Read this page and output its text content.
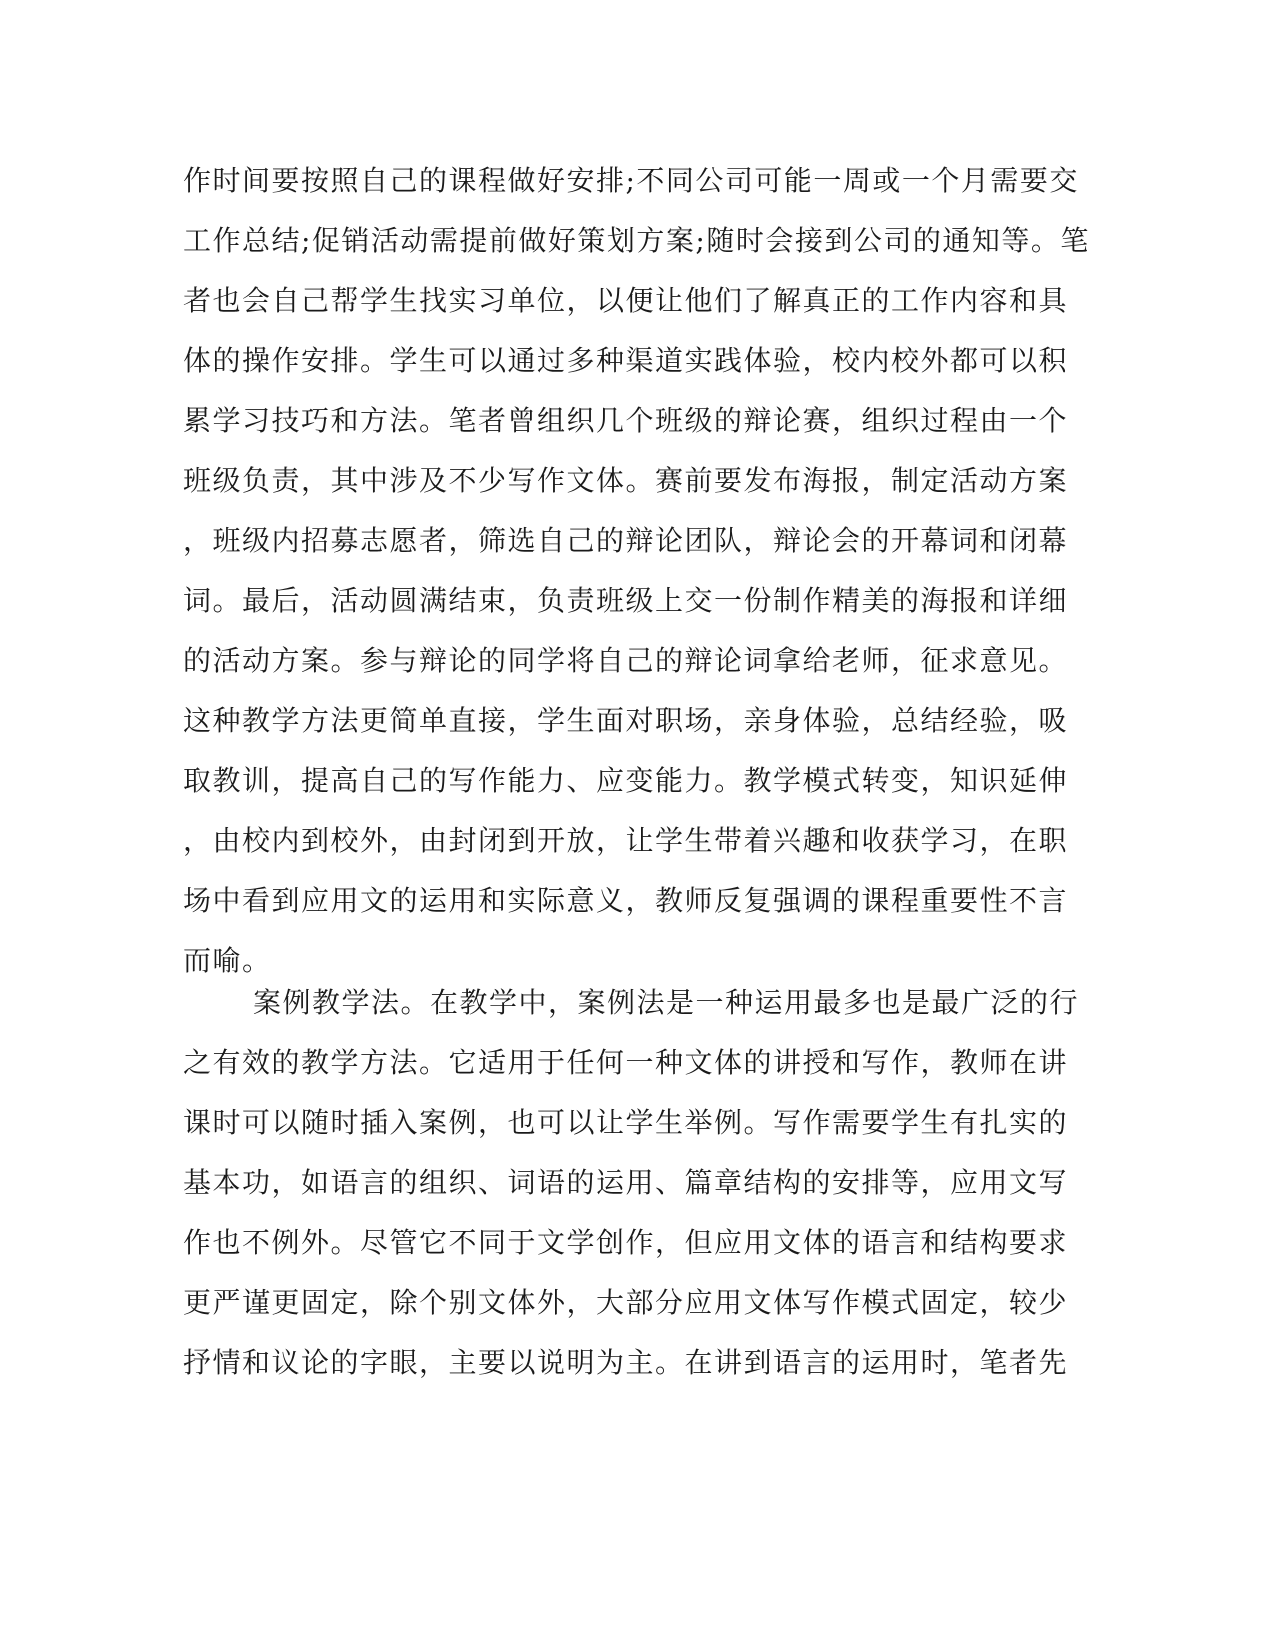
作时间要按照自己的课程做好安排;不同公司可能一周或一个月需要交
工作总结;促销活动需提前做好策划方案;随时会接到公司的通知等。笔
者也会自己帮学生找实习单位，以便让他们了解真正的工作内容和具
体的操作安排。学生可以通过多种渠道实践体验，校内校外都可以积
累学习技巧和方法。笔者曾组织几个班级的辩论赛，组织过程由一个
班级负责，其中涉及不少写作文体。赛前要发布海报，制定活动方案
，班级内招募志愿者，筛选自己的辩论团队，辩论会的开幕词和闭幕
词。最后，活动圆满结束，负责班级上交一份制作精美的海报和详细
的活动方案。参与辩论的同学将自己的辩论词拿给老师，征求意见。
这种教学方法更简单直接，学生面对职场，亲身体验，总结经验，吸
取教训，提高自己的写作能力、应变能力。教学模式转变，知识延伸
，由校内到校外，由封闭到开放，让学生带着兴趣和收获学习，在职
场中看到应用文的运用和实际意义，教师反复强调的课程重要性不言
而喻。
案例教学法。在教学中，案例法是一种运用最多也是最广泛的行
之有效的教学方法。它适用于任何一种文体的讲授和写作，教师在讲
课时可以随时插入案例，也可以让学生举例。写作需要学生有扎实的
基本功，如语言的组织、词语的运用、篇章结构的安排等，应用文写
作也不例外。尽管它不同于文学创作，但应用文体的语言和结构要求
更严谨更固定，除个别文体外，大部分应用文体写作模式固定，较少
抒情和议论的字眼，主要以说明为主。在讲到语言的运用时，笔者先
